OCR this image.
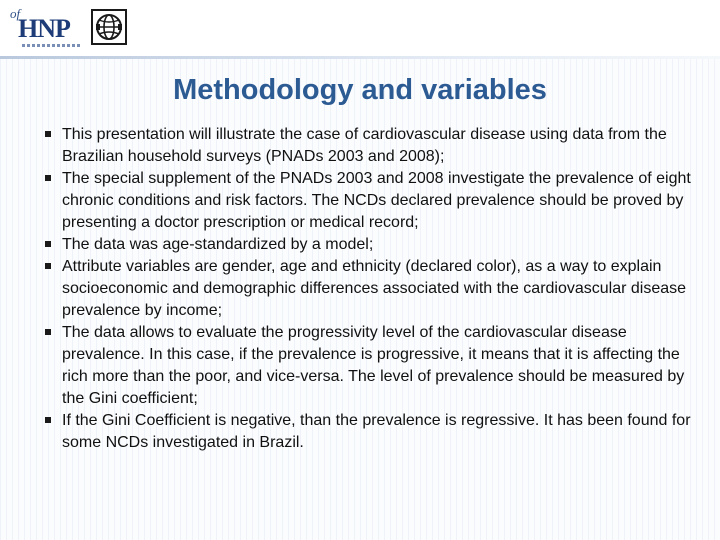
of
HNP
Methodology and variables
This presentation will illustrate the case of cardiovascular disease using data from the Brazilian household surveys (PNADs 2003 and 2008);
The special supplement of the PNADs 2003 and 2008 investigate the prevalence of eight chronic conditions and risk factors. The NCDs declared prevalence should be proved by presenting a doctor prescription or medical record;
The data was age-standardized by a model;
Attribute variables are gender, age and ethnicity (declared color), as a way to explain socioeconomic and demographic differences associated with the cardiovascular disease prevalence by income;
The data allows to evaluate the progressivity level of the cardiovascular disease prevalence. In this case, if the prevalence is progressive, it means that it is affecting the rich more than the poor, and vice-versa. The level of prevalence should be measured by the Gini coefficient;
If the Gini Coefficient is negative, than the prevalence is regressive. It has been found for some NCDs investigated in Brazil.
